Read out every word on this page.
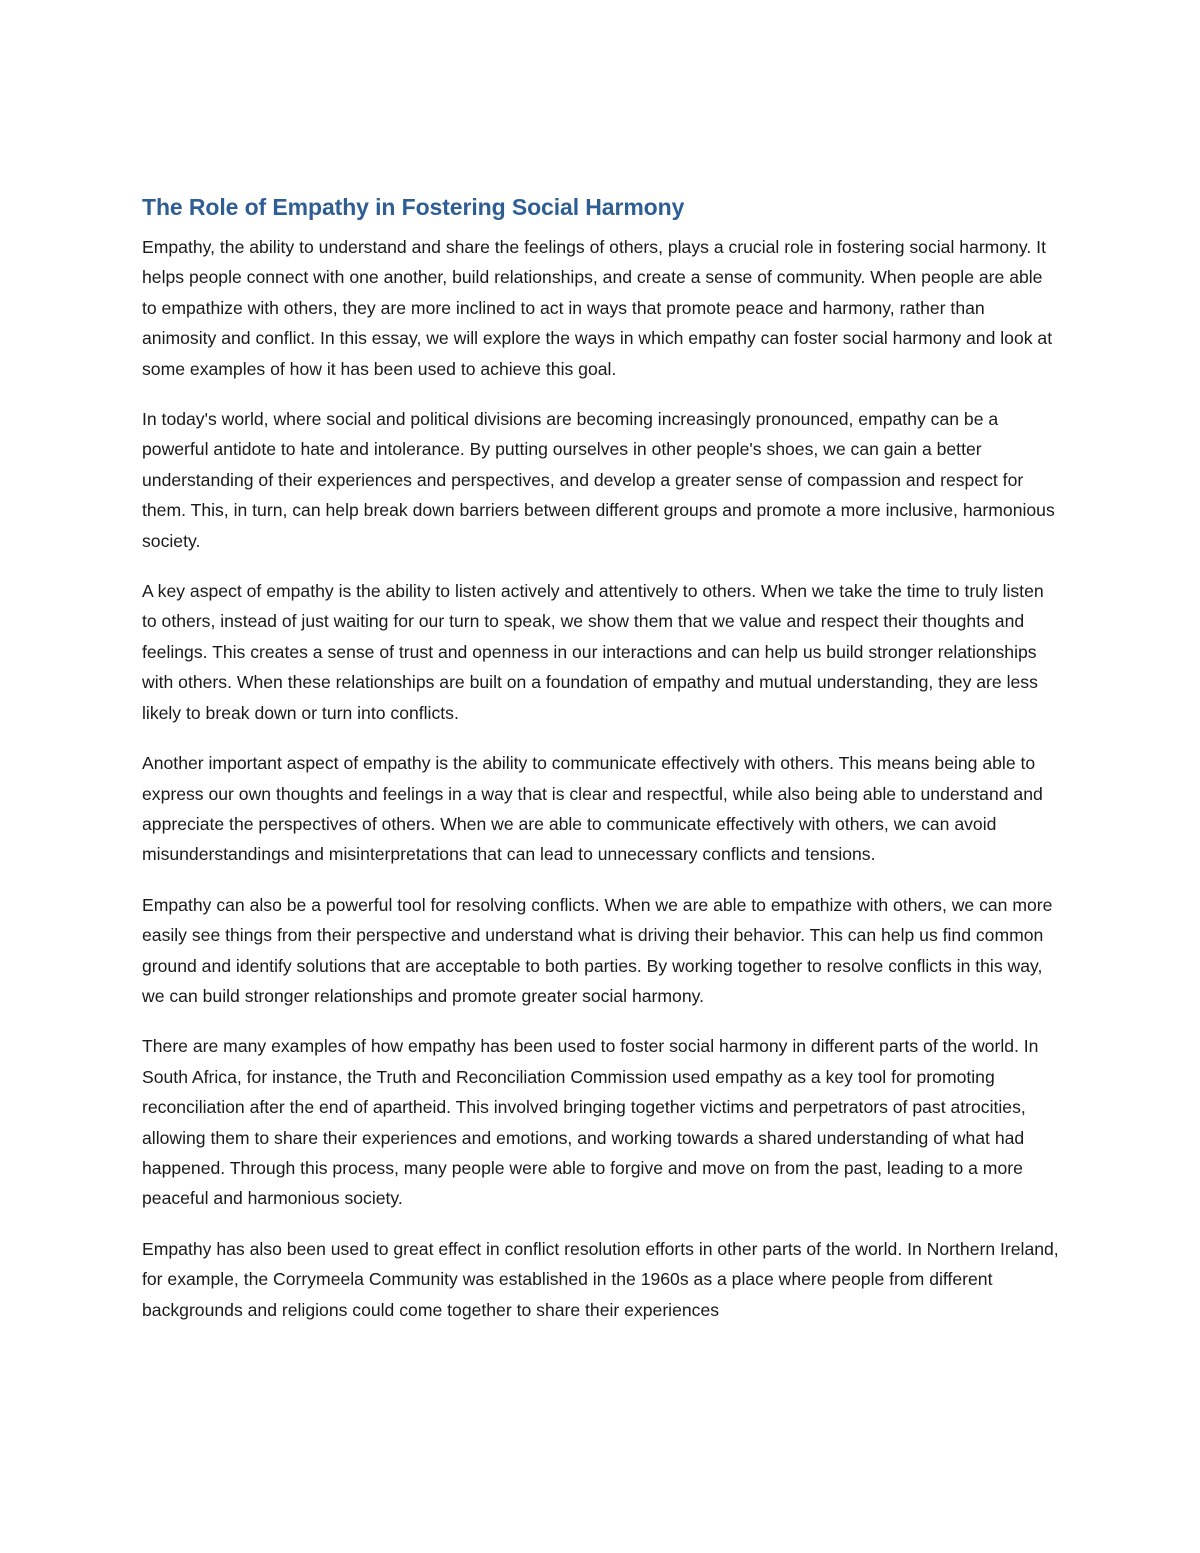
The Role of Empathy in Fostering Social Harmony

Empathy, the ability to understand and share the feelings of others, plays a crucial role in fostering social harmony. It helps people connect with one another, build relationships, and create a sense of community. When people are able to empathize with others, they are more inclined to act in ways that promote peace and harmony, rather than animosity and conflict. In this essay, we will explore the ways in which empathy can foster social harmony and look at some examples of how it has been used to achieve this goal.

In today's world, where social and political divisions are becoming increasingly pronounced, empathy can be a powerful antidote to hate and intolerance. By putting ourselves in other people's shoes, we can gain a better understanding of their experiences and perspectives, and develop a greater sense of compassion and respect for them. This, in turn, can help break down barriers between different groups and promote a more inclusive, harmonious society.

A key aspect of empathy is the ability to listen actively and attentively to others. When we take the time to truly listen to others, instead of just waiting for our turn to speak, we show them that we value and respect their thoughts and feelings. This creates a sense of trust and openness in our interactions and can help us build stronger relationships with others. When these relationships are built on a foundation of empathy and mutual understanding, they are less likely to break down or turn into conflicts.

Another important aspect of empathy is the ability to communicate effectively with others. This means being able to express our own thoughts and feelings in a way that is clear and respectful, while also being able to understand and appreciate the perspectives of others. When we are able to communicate effectively with others, we can avoid misunderstandings and misinterpretations that can lead to unnecessary conflicts and tensions.

Empathy can also be a powerful tool for resolving conflicts. When we are able to empathize with others, we can more easily see things from their perspective and understand what is driving their behavior. This can help us find common ground and identify solutions that are acceptable to both parties. By working together to resolve conflicts in this way, we can build stronger relationships and promote greater social harmony.

There are many examples of how empathy has been used to foster social harmony in different parts of the world. In South Africa, for instance, the Truth and Reconciliation Commission used empathy as a key tool for promoting reconciliation after the end of apartheid. This involved bringing together victims and perpetrators of past atrocities, allowing them to share their experiences and emotions, and working towards a shared understanding of what had happened. Through this process, many people were able to forgive and move on from the past, leading to a more peaceful and harmonious society.

Empathy has also been used to great effect in conflict resolution efforts in other parts of the world. In Northern Ireland, for example, the Corrymeela Community was established in the 1960s as a place where people from different backgrounds and religions could come together to share their experiences
